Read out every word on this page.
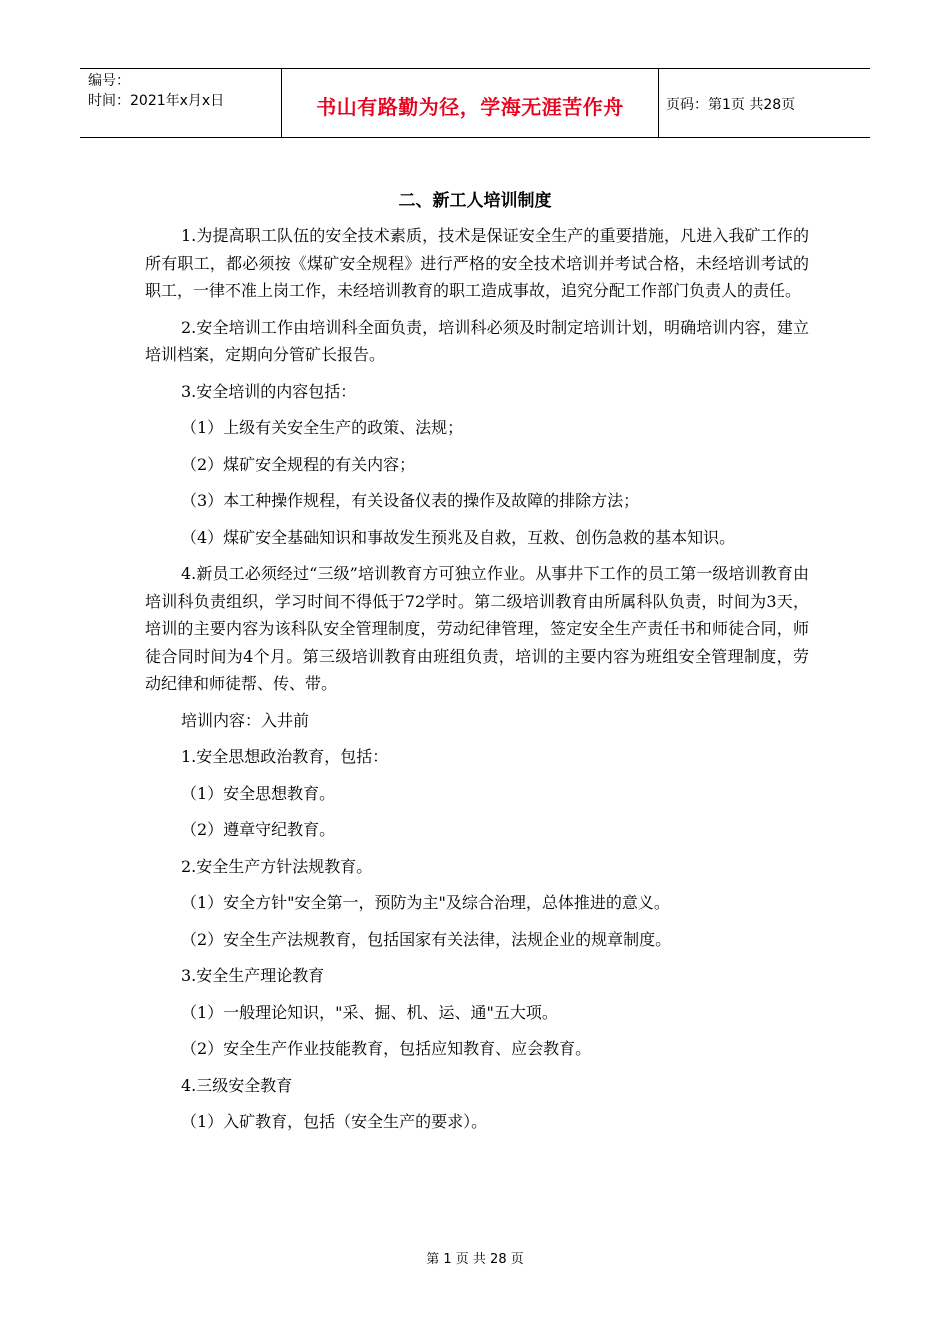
编号：
时间：2021年x月x日	书山有路勤为径，学海无涯苦作舟	页码：第1页 共28页
二、新工人培训制度

1.为提高职工队伍的安全技术素质，技术是保证安全生产的重要措施，凡进入我矿工作的所有职工，都必须按《煤矿安全规程》进行严格的安全技术培训并考试合格，未经培训考试的职工，一律不准上岗工作，未经培训教育的职工造成事故，追究分配工作部门负责人的责任。

2.安全培训工作由培训科全面负责，培训科必须及时制定培训计划，明确培训内容，建立培训档案，定期向分管矿长报告。

3.安全培训的内容包括：

（1）上级有关安全生产的政策、法规；

（2）煤矿安全规程的有关内容；

（3）本工种操作规程，有关设备仪表的操作及故障的排除方法；

（4）煤矿安全基础知识和事故发生预兆及自救，互救、创伤急救的基本知识。

4.新员工必须经过“三级”培训教育方可独立作业。从事井下工作的员工第一级培训教育由培训科负责组织，学习时间不得低于72学时。第二级培训教育由所属科队负责，时间为3天，培训的主要内容为该科队安全管理制度，劳动纪律管理，签定安全生产责任书和师徒合同，师徒合同时间为4个月。第三级培训教育由班组负责，培训的主要内容为班组安全管理制度，劳动纪律和师徒帮、传、带。

培训内容：入井前

1.安全思想政治教育，包括：

（1）安全思想教育。

（2）遵章守纪教育。

2.安全生产方针法规教育。

（1）安全方针"安全第一，预防为主"及综合治理，总体推进的意义。

（2）安全生产法规教育，包括国家有关法律，法规企业的规章制度。

3.安全生产理论教育

（1）一般理论知识，"采、掘、机、运、通"五大项。

（2）安全生产作业技能教育，包括应知教育、应会教育。

4.三级安全教育

（1）入矿教育，包括（安全生产的要求）。

第 1 页 共 28 页
